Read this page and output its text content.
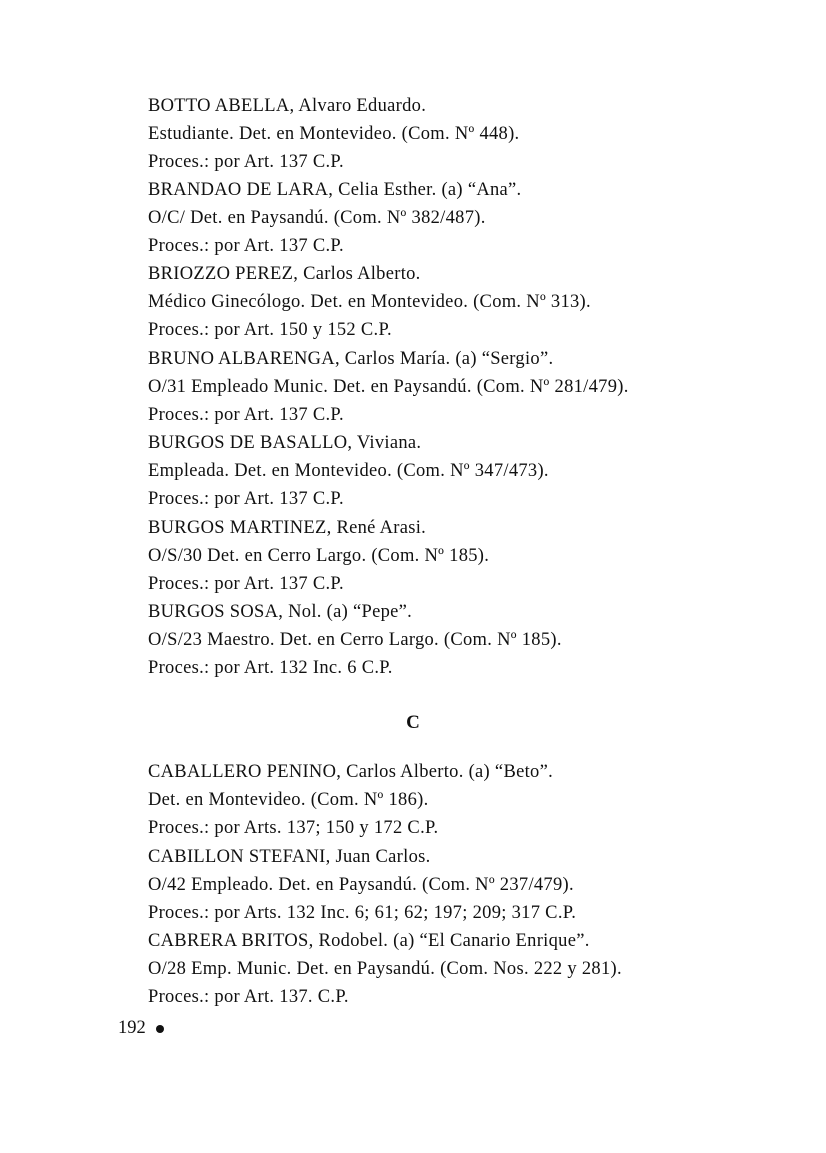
BOTTO ABELLA, Alvaro Eduardo.
Estudiante. Det. en Montevideo. (Com. Nº 448).
Proces.: por Art. 137 C.P.
BRANDAO DE LARA, Celia Esther. (a) “Ana”.
O/C/ Det. en Paysandú. (Com. Nº 382/487).
Proces.: por Art. 137 C.P.
BRIOZZO PEREZ, Carlos Alberto.
Médico Ginecólogo. Det. en Montevideo. (Com. Nº 313).
Proces.: por Art. 150 y 152 C.P.
BRUNO ALBARENGA, Carlos María. (a) “Sergio”.
O/31 Empleado Munic. Det. en Paysandú. (Com. Nº 281/479).
Proces.: por Art. 137 C.P.
BURGOS DE BASALLO, Viviana.
Empleada. Det. en Montevideo. (Com. Nº 347/473).
Proces.: por Art. 137 C.P.
BURGOS MARTINEZ, René Arasi.
O/S/30 Det. en Cerro Largo. (Com. Nº 185).
Proces.: por Art. 137 C.P.
BURGOS SOSA, Nol. (a) “Pepe”.
O/S/23 Maestro. Det. en Cerro Largo. (Com. Nº 185).
Proces.: por Art. 132 Inc. 6 C.P.
C
CABALLERO PENINO, Carlos Alberto. (a) “Beto”.
Det. en Montevideo. (Com. Nº 186).
Proces.: por Arts. 137; 150 y 172 C.P.
CABILLON STEFANI, Juan Carlos.
O/42 Empleado. Det. en Paysandú. (Com. Nº 237/479).
Proces.: por Arts. 132 Inc. 6; 61; 62; 197; 209; 317 C.P.
CABRERA BRITOS, Rodobel. (a) “El Canario Enrique”.
O/28 Emp. Munic. Det. en Paysandú. (Com. Nos. 222 y 281).
Proces.: por Art. 137. C.P.
192
